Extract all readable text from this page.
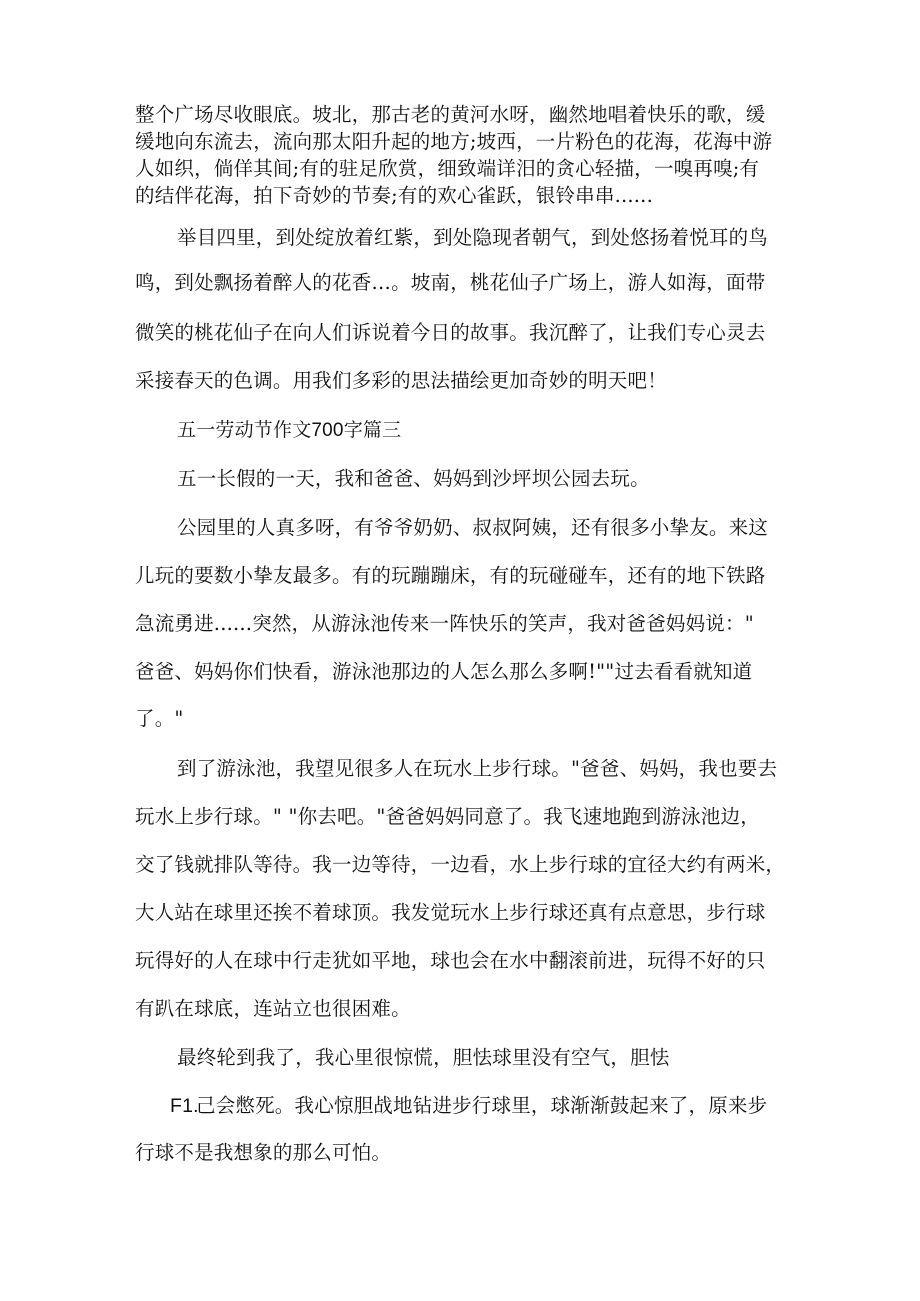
整个广场尽收眼底。坡北，那古老的黄河水呀，幽然地唱着快乐的歌，缓
缓地向东流去，流向那太阳升起的地方;坡西，一片粉色的花海，花海中游
人如织，倘佯其间;有的驻足欣赏，细致端详汨的贪心轻描，一嗅再嗅;有
的结伴花海，拍下奇妙的节奏;有的欢心雀跃，银铃串串......
举目四里，到处绽放着红紫，到处隐现者朝气，到处悠扬着悦耳的鸟
鸣，到处飘扬着醉人的花香…。坡南，桃花仙子广场上，游人如海，面带
微笑的桃花仙子在向人们诉说着今日的故事。我沉醉了，让我们专心灵去
采接春天的色调。用我们多彩的思法描绘更加奇妙的明天吧！
五一劳动节作文700字篇三
五一长假的一天，我和爸爸、妈妈到沙坪坝公园去玩。
公园里的人真多呀，有爷爷奶奶、叔叔阿姨，还有很多小挚友。来这
儿玩的要数小挚友最多。有的玩蹦蹦床，有的玩碰碰车，还有的地下铁路
急流勇进......突然，从游泳池传来一阵快乐的笑声，我对爸爸妈妈说："
爸爸、妈妈你们快看，游泳池那边的人怎么那么多啊!""过去看看就知道
了。"
到了游泳池，我望见很多人在玩水上步行球。"爸爸、妈妈，我也要去
玩水上步行球。" "你去吧。"爸爸妈妈同意了。我飞速地跑到游泳池边，
交了钱就排队等待。我一边等待，一边看，水上步行球的宜径大约有两米，
大人站在球里还挨不着球顶。我发觉玩水上步行球还真有点意思，步行球
玩得好的人在球中行走犹如平地，球也会在水中翻滚前进，玩得不好的只
有趴在球底，连站立也很困难。
最终轮到我了，我心里很惊慌，胆怯球里没有空气，胆怯
F1.
己会憋死。我心惊胆战地钻进步行球里，球渐渐鼓起来了，原来步
行球不是我想象的那么可怕。
